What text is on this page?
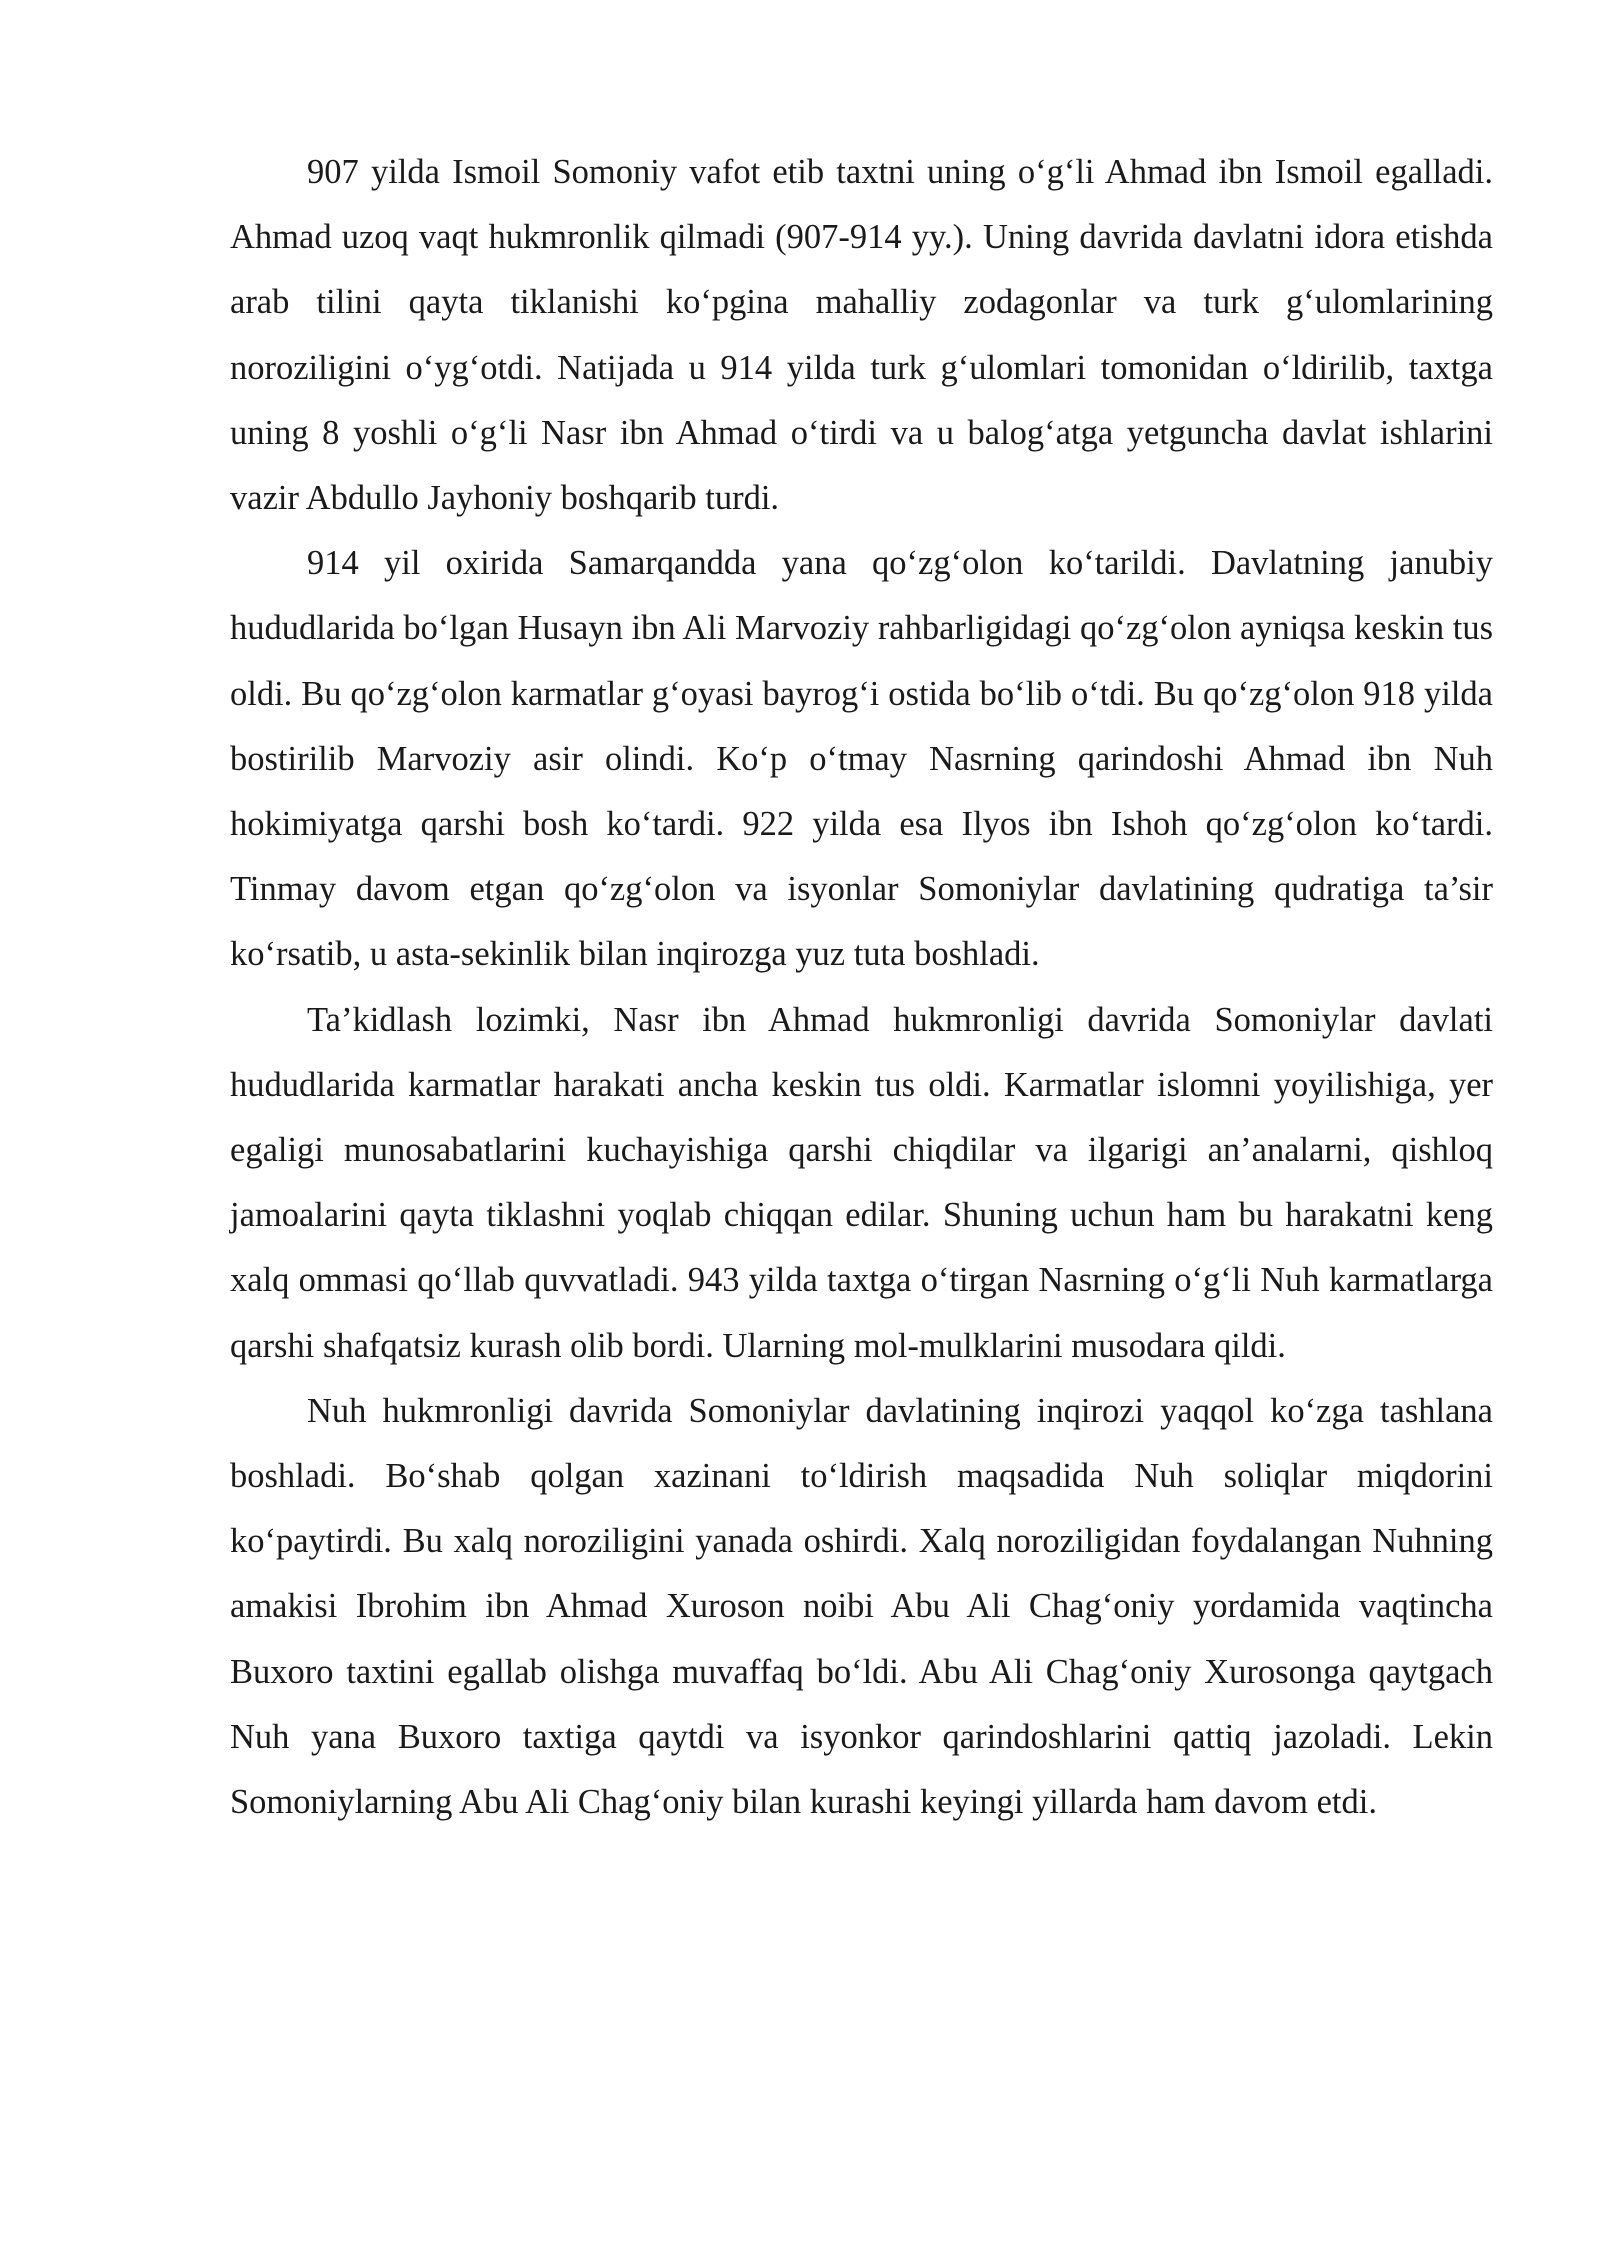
907 yilda Ismoil Somoniy vafot etib taxtni uning o‘g‘li Ahmad ibn Ismoil egalladi. Ahmad uzoq vaqt hukmronlik qilmadi (907-914 yy.). Uning davrida davlatni idora etishda arab tilini qayta tiklanishi ko‘pgina mahalliy zodagonlar va turk g‘ulomlarining noroziligini o‘yg‘otdi. Natijada u 914 yilda turk g‘ulomlari tomonidan o‘ldirilib, taxtga uning 8 yoshli o‘g‘li Nasr ibn Ahmad o‘tirdi va u balog‘atga yetguncha davlat ishlarini vazir Abdullo Jayhoniy boshqarib turdi.

914 yil oxirida Samarqandda yana qo‘zg‘olon ko‘tarildi. Davlatning janubiy hududlarida bo‘lgan Husayn ibn Ali Marvoziy rahbarligidagi qo‘zg‘olon ayniqsa keskin tus oldi. Bu qo‘zg‘olon karmatlar g‘oyasi bayrog‘i ostida bo‘lib o‘tdi. Bu qo‘zg‘olon 918 yilda bostirilib Marvoziy asir olindi. Ko‘p o‘tmay Nasrning qarindoshi Ahmad ibn Nuh hokimiyatga qarshi bosh ko‘tardi. 922 yilda esa Ilyos ibn Ishoh qo‘zg‘olon ko‘tardi. Tinmay davom etgan qo‘zg‘olon va isyonlar Somoniylar davlatining qudratiga ta’sir ko‘rsatib, u asta-sekinlik bilan inqirozga yuz tuta boshladi.

Ta’kidlash lozimki, Nasr ibn Ahmad hukmronligi davrida Somoniylar davlati hududlarida karmatlar harakati ancha keskin tus oldi. Karmatlar islomni yoyilishiga, yer egaligi munosabatlarini kuchayishiga qarshi chiqdilar va ilgarigi an’analarni, qishloq jamoalarini qayta tiklashni yoqlab chiqqan edilar. Shuning uchun ham bu harakatni keng xalq ommasi qo‘llab quvvatladi. 943 yilda taxtga o‘tirgan Nasrning o‘g‘li Nuh karmatlarga qarshi shafqatsiz kurash olib bordi. Ularning mol-mulklarini musodara qildi.

Nuh hukmronligi davrida Somoniylar davlatining inqirozi yaqqol ko‘zga tashlana boshladi. Bo‘shab qolgan xazinani to‘ldirish maqsadida Nuh soliqlar miqdorini ko‘paytirdi. Bu xalq noroziligini yanada oshirdi. Xalq noroziligidan foydalangan Nuhning amakisi Ibrohim ibn Ahmad Xuroson noibi Abu Ali Chag‘oniy yordamida vaqtincha Buxoro taxtini egallab olishga muvaffaq bo‘ldi. Abu Ali Chag‘oniy Xurosonga qaytgach Nuh yana Buxoro taxtiga qaytdi va isyonkor qarindoshlarini qattiq jazoladi. Lekin Somoniylarning Abu Ali Chag‘oniy bilan kurashi keyingi yillarda ham davom etdi.
